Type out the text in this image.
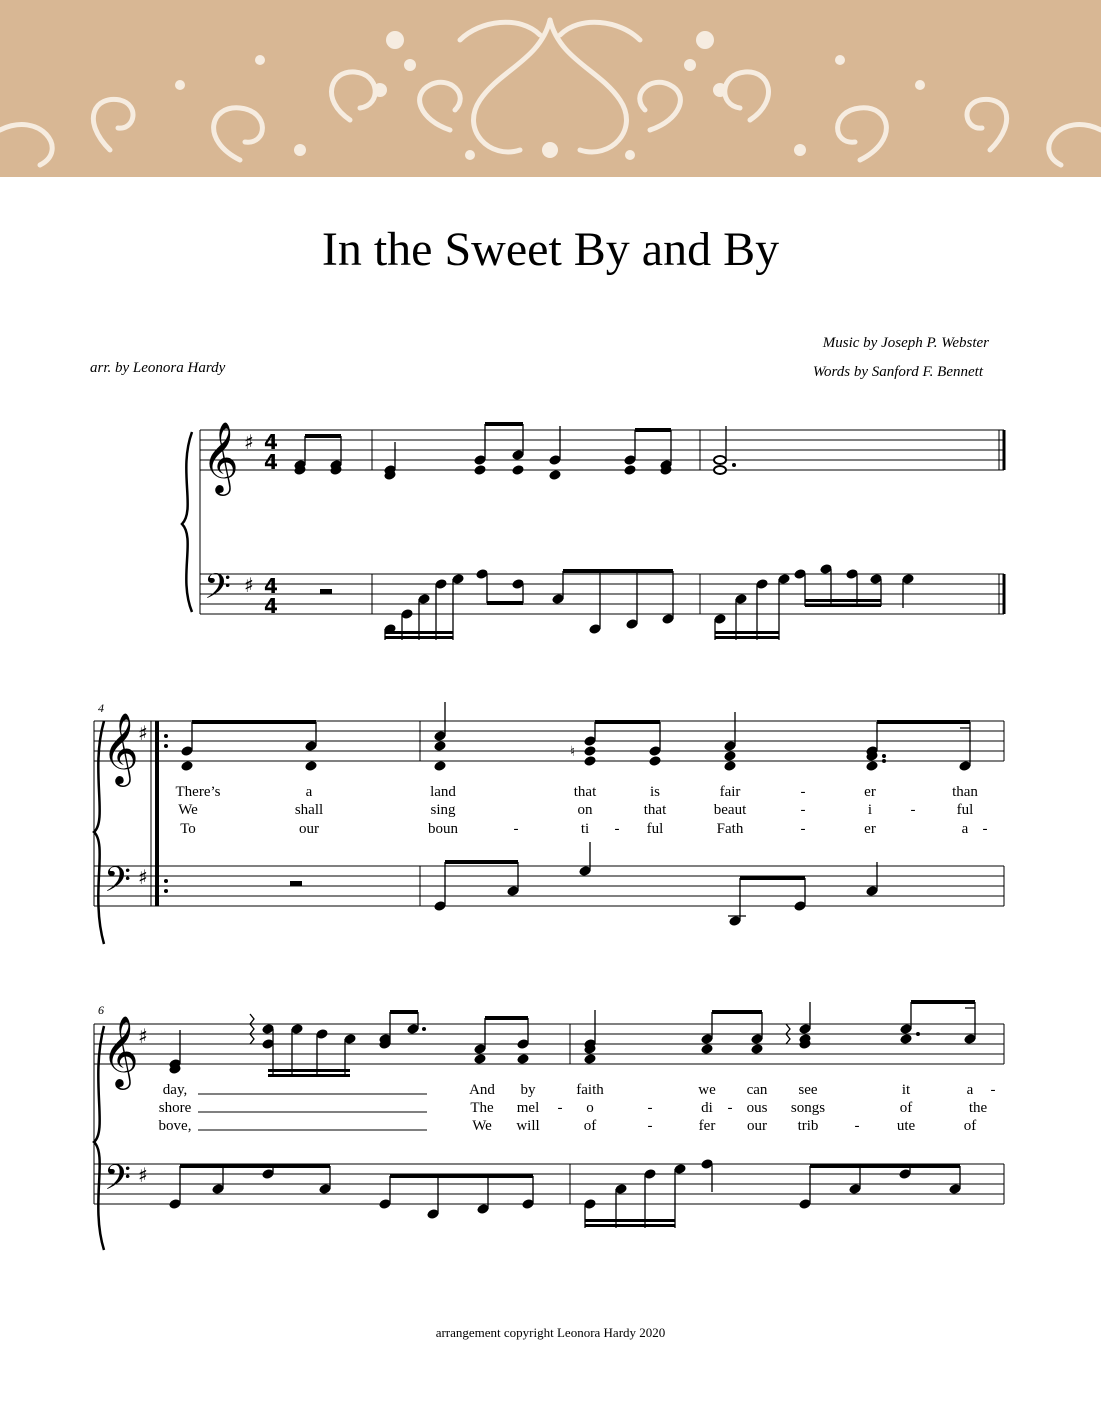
In the Sweet By and By
Music by Joseph P. Webster
Words by Sanford F. Bennett
arr. by Leonora Hardy
𝄞 ♯ 4
4
𝄢 ♯ 4
4
4
𝄞 ♯
𝄢 ♯
♮
There’s	a	land	that	is	fair	-	er	than
We	shall	sing	on	that	beaut	-	i	-	ful
To	our	boun	-	ti - ful	Fath	-	er	a -
6
𝄞 ♯
𝄢 ♯
day,	And by	faith	we can see	it	a -
shore	The mel - o	-	di - ous songs	of	the
bove,	We will	of	-	fer our trib - ute	of
arrangement copyright Leonora Hardy 2020
